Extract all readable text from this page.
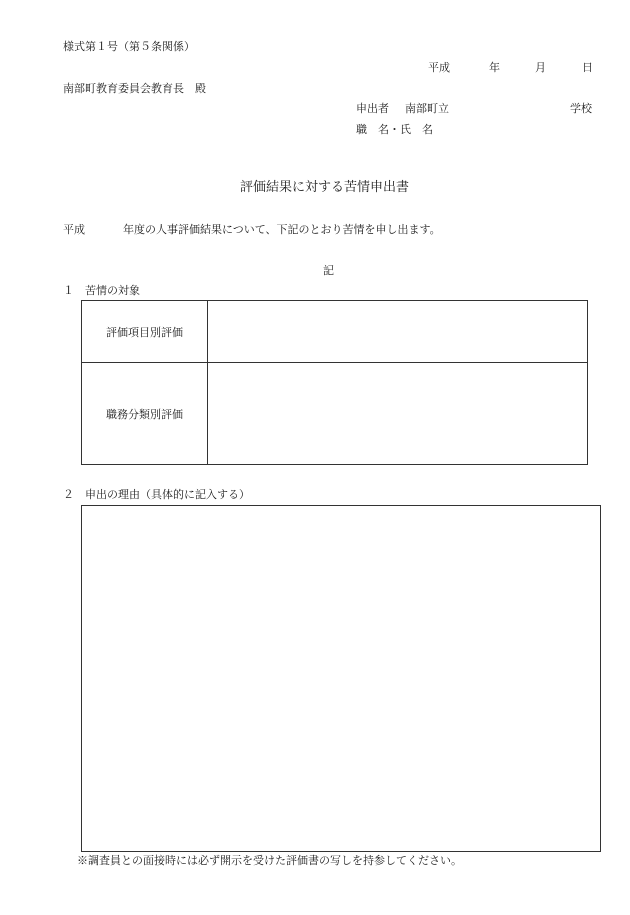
様式第１号（第５条関係）
平成	年	月	日
南部町教育委員会教育長　殿
申出者 南部町立	学校
職　名・氏　名
評価結果に対する苦情申出書
平成	年度の人事評価結果について、下記のとおり苦情を申し出ます。
記
１　苦情の対象
評価項目別評価	
職務分類別評価	
２　申出の理由（具体的に記入する）
※調査員との面接時には必ず開示を受けた評価書の写しを持参してください。
